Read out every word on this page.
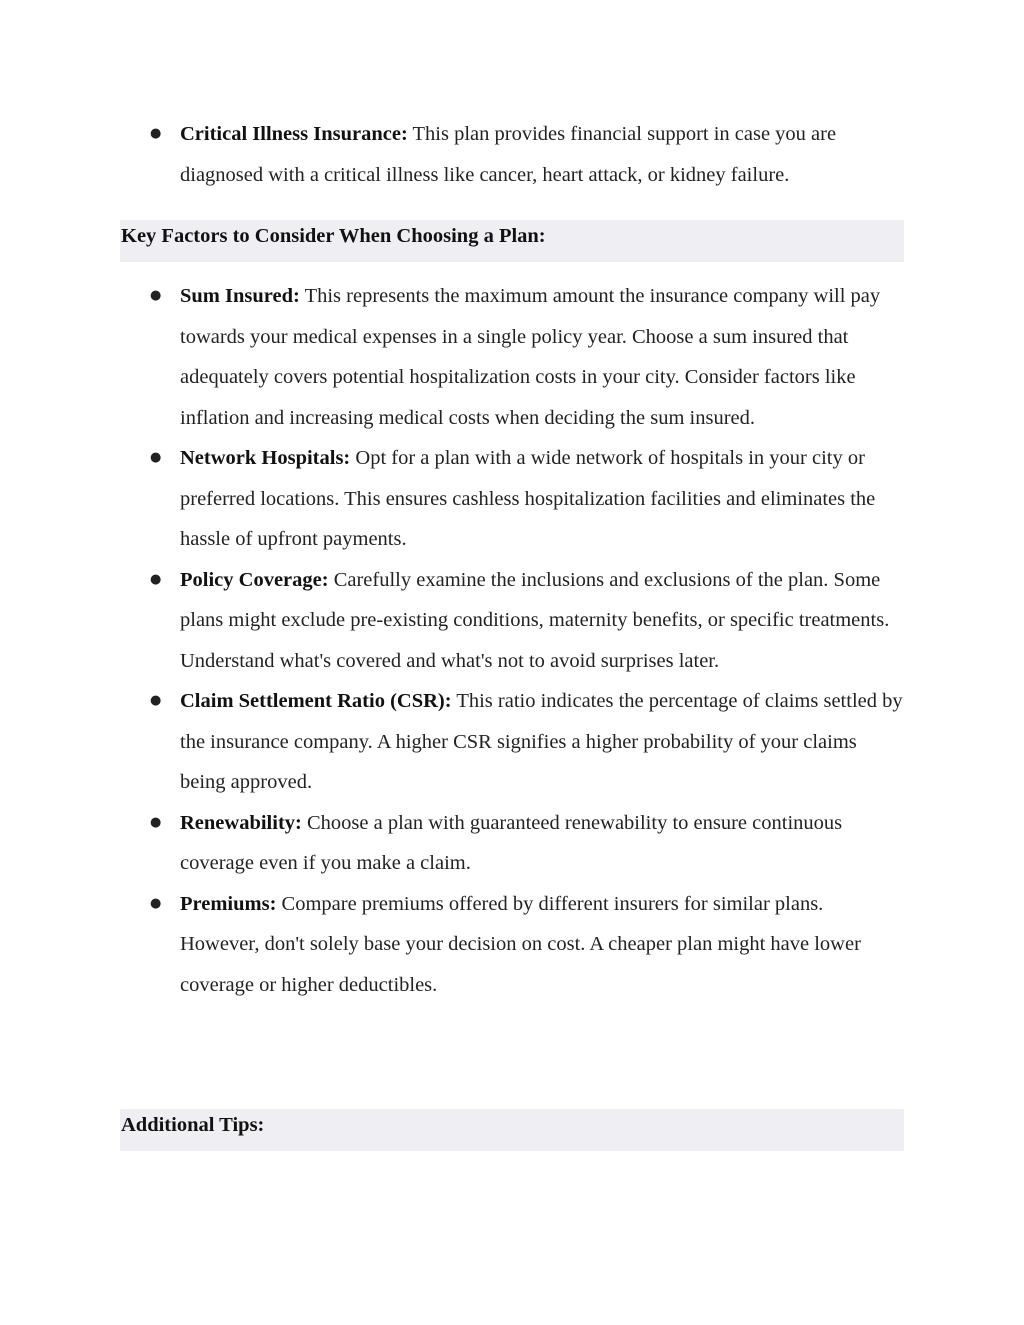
● Critical Illness Insurance: This plan provides financial support in case you are diagnosed with a critical illness like cancer, heart attack, or kidney failure.
Key Factors to Consider When Choosing a Plan:
● Sum Insured: This represents the maximum amount the insurance company will pay towards your medical expenses in a single policy year. Choose a sum insured that adequately covers potential hospitalization costs in your city. Consider factors like inflation and increasing medical costs when deciding the sum insured.
● Network Hospitals: Opt for a plan with a wide network of hospitals in your city or preferred locations. This ensures cashless hospitalization facilities and eliminates the hassle of upfront payments.
● Policy Coverage: Carefully examine the inclusions and exclusions of the plan. Some plans might exclude pre-existing conditions, maternity benefits, or specific treatments. Understand what's covered and what's not to avoid surprises later.
● Claim Settlement Ratio (CSR): This ratio indicates the percentage of claims settled by the insurance company. A higher CSR signifies a higher probability of your claims being approved.
● Renewability: Choose a plan with guaranteed renewability to ensure continuous coverage even if you make a claim.
● Premiums: Compare premiums offered by different insurers for similar plans. However, don't solely base your decision on cost. A cheaper plan might have lower coverage or higher deductibles.
Additional Tips:
